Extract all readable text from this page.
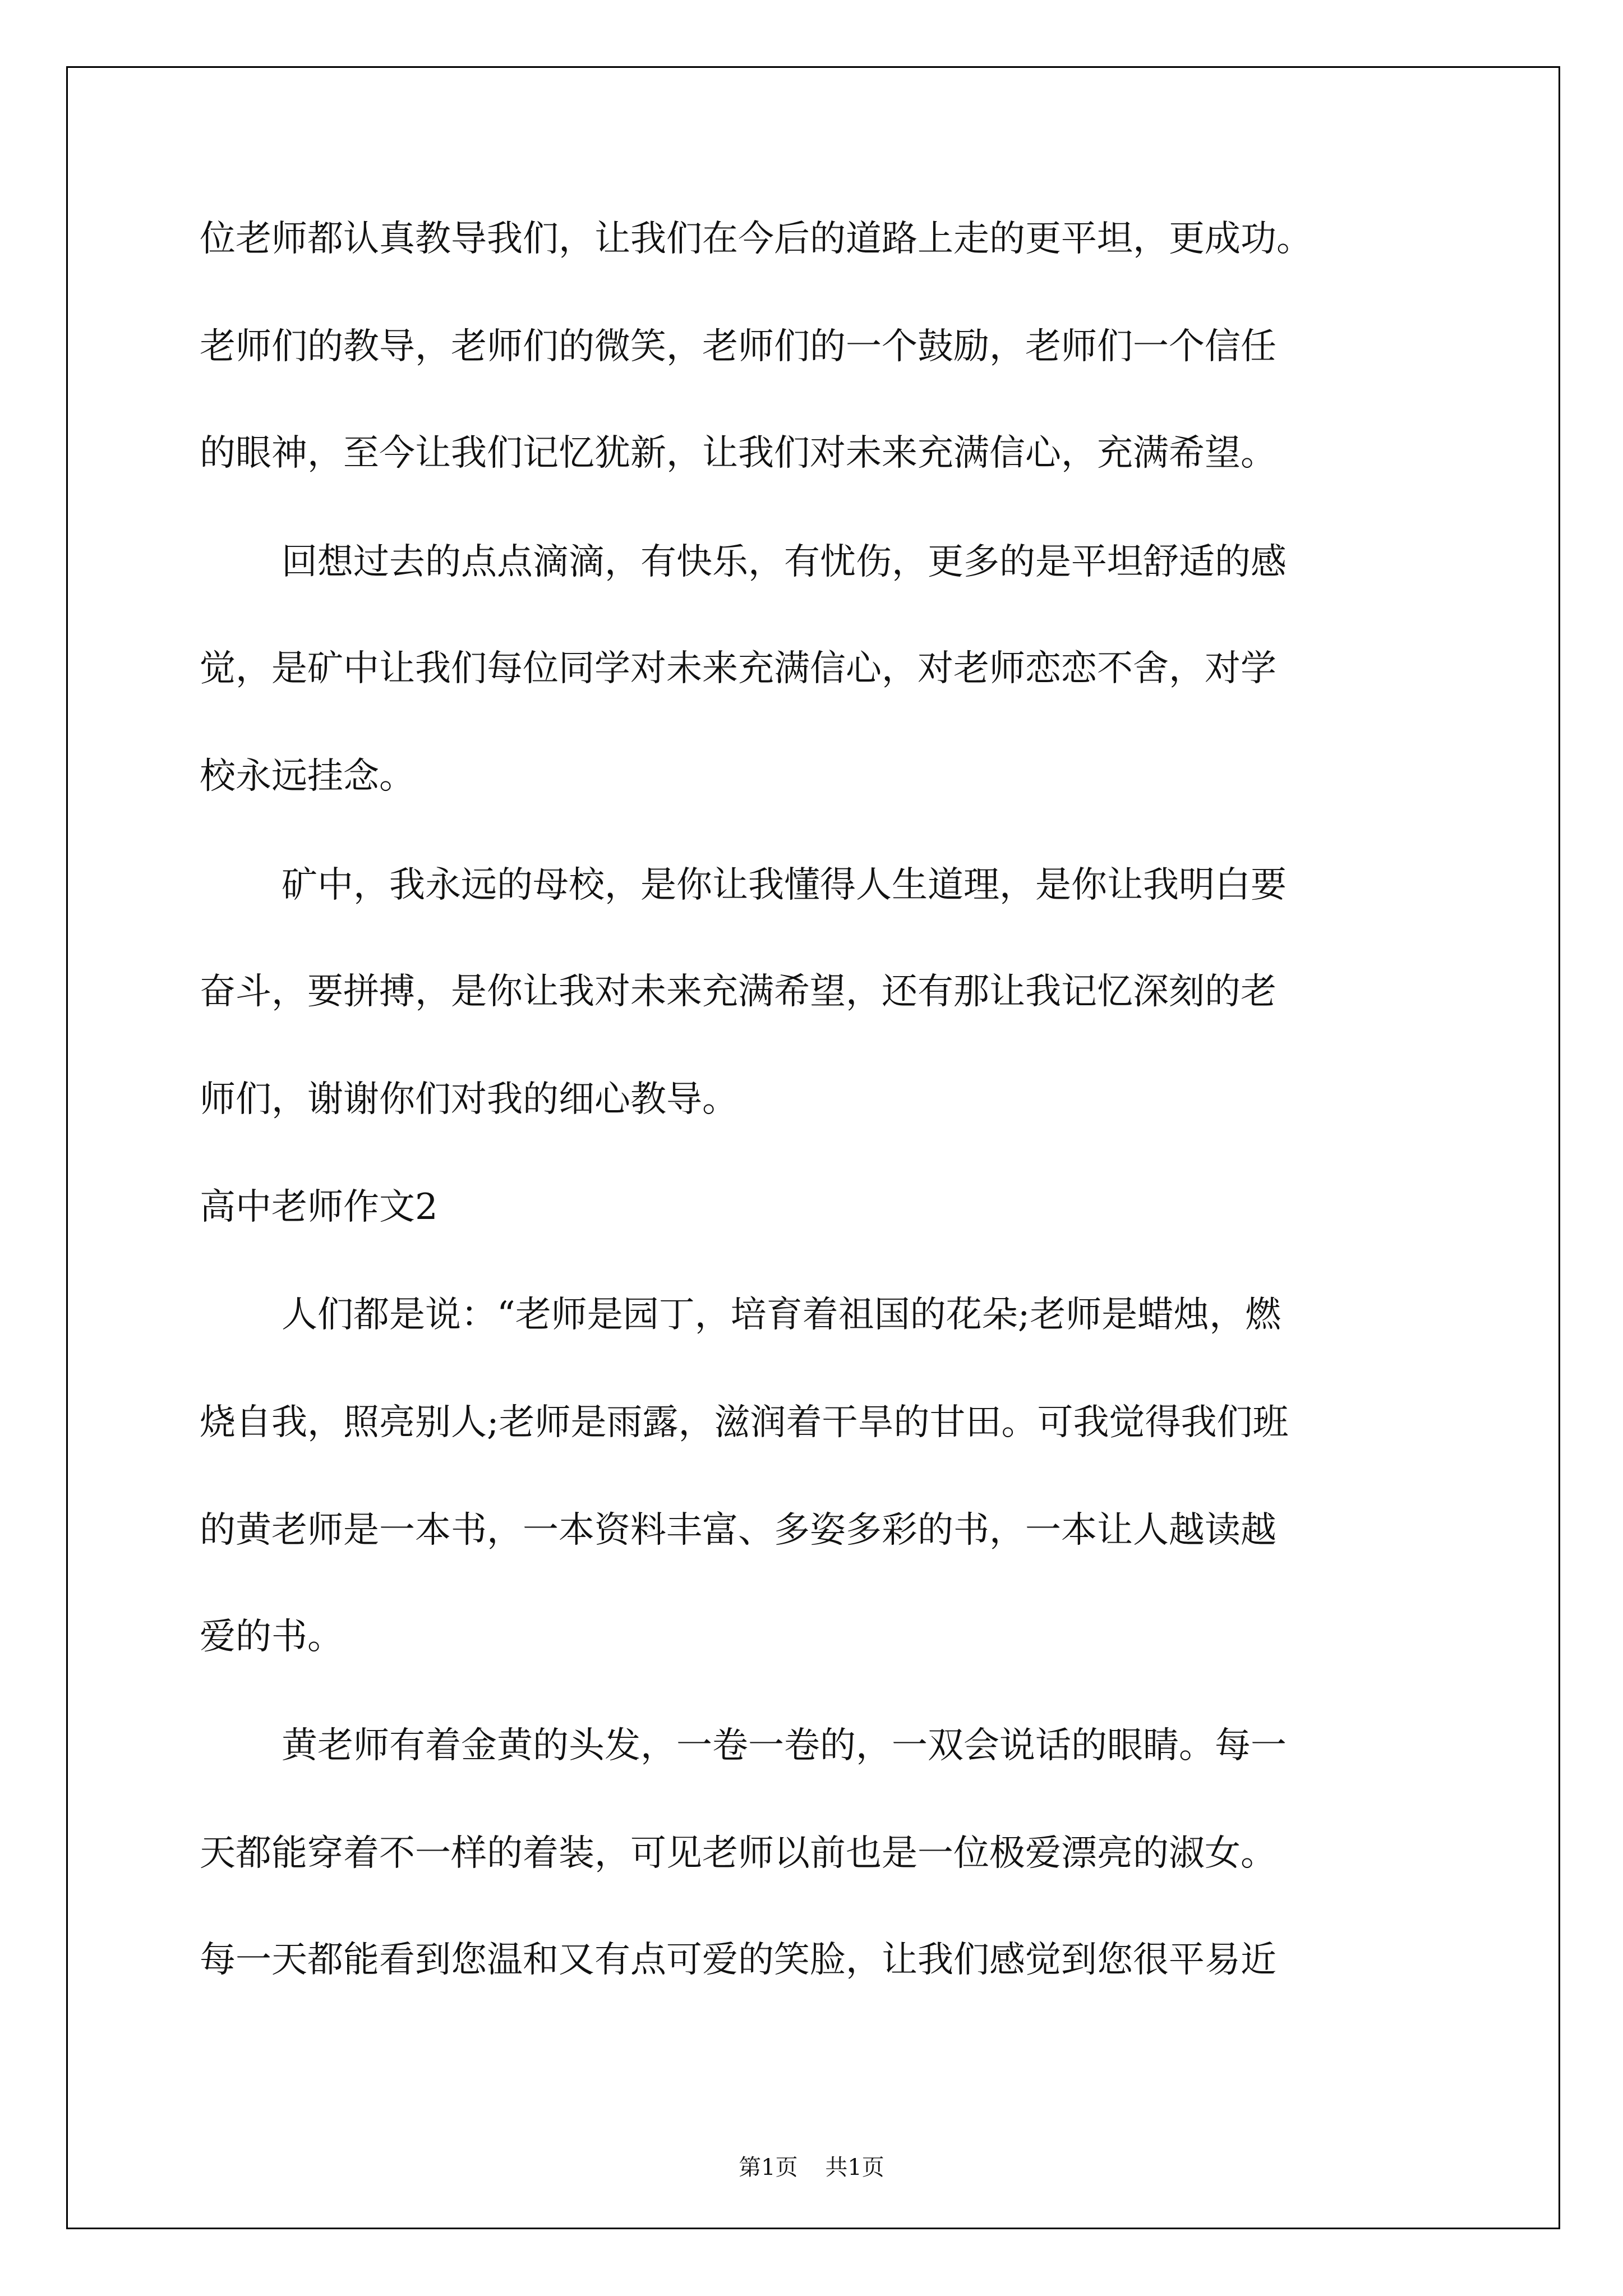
位老师都认真教导我们，让我们在今后的道路上走的更平坦，更成功。
老师们的教导，老师们的微笑，老师们的一个鼓励，老师们一个信任
的眼神，至今让我们记忆犹新，让我们对未来充满信心，充满希望。
回想过去的点点滴滴，有快乐，有忧伤，更多的是平坦舒适的感
觉，是矿中让我们每位同学对未来充满信心，对老师恋恋不舍，对学
校永远挂念。
矿中，我永远的母校，是你让我懂得人生道理，是你让我明白要
奋斗，要拼搏，是你让我对未来充满希望，还有那让我记忆深刻的老
师们，谢谢你们对我的细心教导。
高中老师作文2
人们都是说：“老师是园丁，培育着祖国的花朵;老师是蜡烛，燃
烧自我，照亮别人;老师是雨露，滋润着干旱的甘田。可我觉得我们班
的黄老师是一本书，一本资料丰富、多姿多彩的书，一本让人越读越
爱的书。
黄老师有着金黄的头发，一卷一卷的，一双会说话的眼睛。每一
天都能穿着不一样的着装，可见老师以前也是一位极爱漂亮的淑女。
每一天都能看到您温和又有点可爱的笑脸，让我们感觉到您很平易近
第1页 共1页
